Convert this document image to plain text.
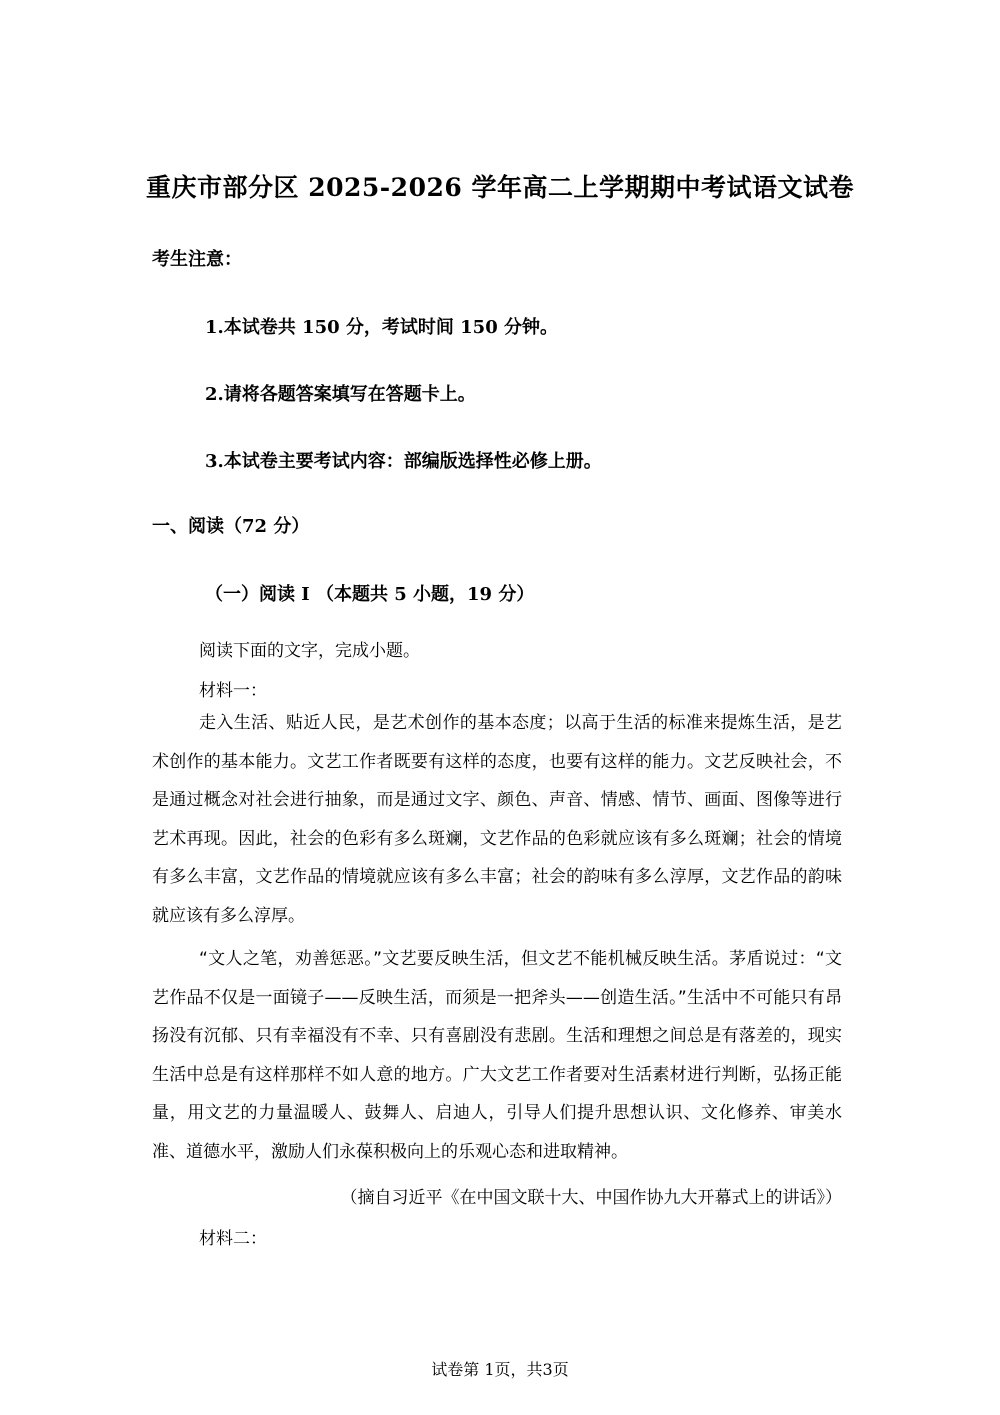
重庆市部分区 2025-2026 学年高二上学期期中考试语文试卷
考生注意：
1.本试卷共 150 分，考试时间 150 分钟。
2.请将各题答案填写在答题卡上。
3.本试卷主要考试内容：部编版选择性必修上册。
一、阅读（72 分）
（一）阅读 I （本题共 5 小题，19 分）
阅读下面的文字，完成小题。
材料一：
走入生活、贴近人民，是艺术创作的基本态度；以高于生活的标准来提炼生活，是艺术创作的基本能力。文艺工作者既要有这样的态度，也要有这样的能力。文艺反映社会，不是通过概念对社会进行抽象，而是通过文字、颜色、声音、情感、情节、画面、图像等进行艺术再现。因此，社会的色彩有多么斑斓，文艺作品的色彩就应该有多么斑斓；社会的情境有多么丰富，文艺作品的情境就应该有多么丰富；社会的韵味有多么淳厚，文艺作品的韵味就应该有多么淳厚。
“文人之笔，劝善惩恶。”文艺要反映生活，但文艺不能机械反映生活。茅盾说过：“文艺作品不仅是一面镜子——反映生活，而须是一把斧头——创造生活。”生活中不可能只有昂扬没有沉郁、只有幸福没有不幸、只有喜剧没有悲剧。生活和理想之间总是有落差的，现实生活中总是有这样那样不如人意的地方。广大文艺工作者要对生活素材进行判断，弘扬正能量，用文艺的力量温暖人、鼓舞人、启迪人，引导人们提升思想认识、文化修养、审美水准、道德水平，激励人们永葆积极向上的乐观心态和进取精神。
（摘自习近平《在中国文联十大、中国作协九大开幕式上的讲话》）
材料二：
试卷第 1页，共3页
